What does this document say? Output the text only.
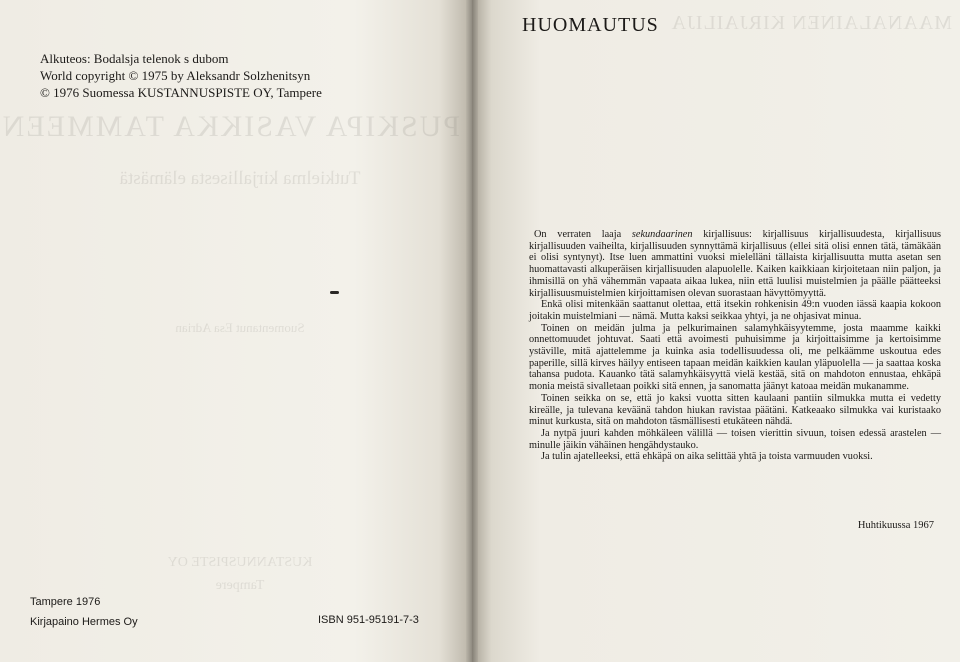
PUSKIPA VASIKKA TAMMEEN

Tutkielma kirjallisesta elämästä

Suomentanut Esa Adrian

KUSTANNUSPISTE OY

Tampere

Alkuteos: Bodalsja telenok s dubom

World copyright © 1975 by Aleksandr Solzhenitsyn

© 1976 Suomessa KUSTANNUSPISTE OY, Tampere

Tampere 1976

Kirjapaino Hermes Oy	ISBN 951-95191-7-3

MAANALAINEN KIRJAILIJA

HUOMAUTUS

On verraten laaja sekundaarinen kirjallisuus: kirjallisuus kirjallisuudesta, kirjallisuus kirjallisuuden vaiheilta, kirjallisuuden synnyttämä kirjallisuus (ellei sitä olisi ennen tätä, tämäkään ei olisi syntynyt). Itse luen ammattini vuoksi mielelläni tällaista kirjallisuutta mutta asetan sen huomattavasti alkuperäisen kirjallisuuden alapuolelle. Kaiken kaikkiaan kirjoitetaan niin paljon, ja ihmisillä on yhä vähemmän vapaata aikaa lukea, niin että luulisi muistelmien ja päälle päätteeksi kirjallisuusmuistelmien kirjoittamisen olevan suorastaan hävyttömyyttä.

Enkä olisi mitenkään saattanut olettaa, että itsekin rohkenisin 49:n vuoden iässä kaapia kokoon joitakin muistelmiani — nämä. Mutta kaksi seikkaa yhtyi, ja ne ohjasivat minua.

Toinen on meidän julma ja pelkurimainen salamyhkäisyytemme, josta maamme kaikki onnettomuudet johtuvat. Saati että avoimesti puhuisimme ja kirjoittaisimme ja kertoisimme ystäville, mitä ajattelemme ja kuinka asia todellisuudessa oli, me pelkäämme uskoutua edes paperille, sillä kirves häilyy entiseen tapaan meidän kaikkien kaulan yläpuolella — ja saattaa koska tahansa pudota. Kauanko tätä salamyhkäisyyttä vielä kestää, sitä on mahdoton ennustaa, ehkäpä monia meistä sivalletaan poikki sitä ennen, ja sanomatta jäänyt katoaa meidän mukanamme.

Toinen seikka on se, että jo kaksi vuotta sitten kaulaani pantiin silmukka mutta ei vedetty kireälle, ja tulevana keväänä tahdon hiukan ravistaa päätäni. Katkeaako silmukka vai kuristaako minut kurkusta, sitä on mahdoton täsmällisesti etukäteen nähdä.

Ja nytpä juuri kahden möhkäleen välillä — toisen vierittin sivuun, toisen edessä arastelen — minulle jäikin vähäinen hengähdystauko.

Ja tulin ajatelleeksi, että ehkäpä on aika selittää yhtä ja toista varmuuden vuoksi.

Huhtikuussa 1967
